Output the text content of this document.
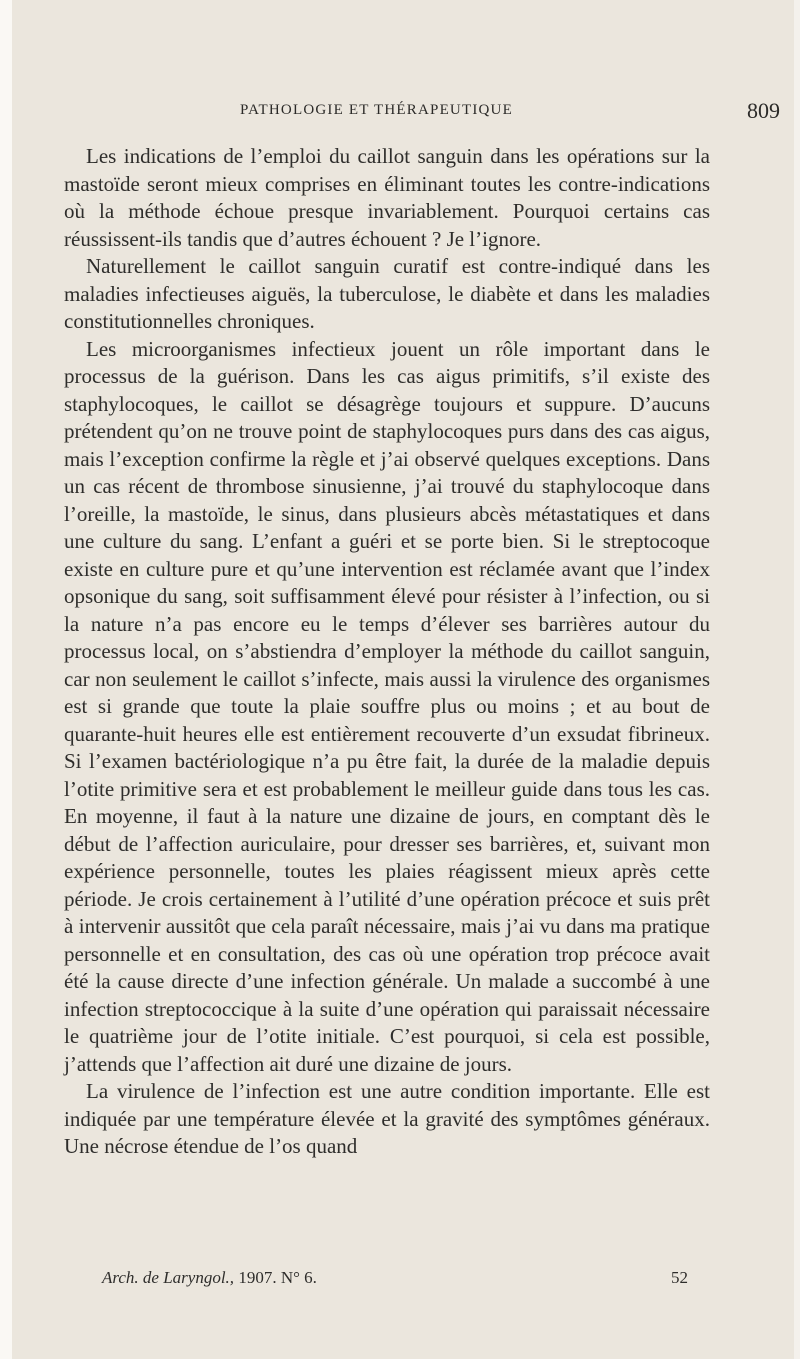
PATHOLOGIE ET THÉRAPEUTIQUE	809

Les indications de l’emploi du caillot sanguin dans les opérations sur la mastoïde seront mieux comprises en éliminant toutes les contre-indications où la méthode échoue presque invariablement. Pourquoi certains cas réussissent-ils tandis que d’autres échouent ? Je l’ignore.

Naturellement le caillot sanguin curatif est contre-indiqué dans les maladies infectieuses aiguës, la tuberculose, le diabète et dans les maladies constitutionnelles chroniques.

Les microorganismes infectieux jouent un rôle important dans le processus de la guérison. Dans les cas aigus primitifs, s’il existe des staphylocoques, le caillot se désagrège toujours et suppure. D’aucuns prétendent qu’on ne trouve point de staphylocoques purs dans des cas aigus, mais l’exception confirme la règle et j’ai observé quelques exceptions. Dans un cas récent de thrombose sinusienne, j’ai trouvé du staphylocoque dans l’oreille, la mastoïde, le sinus, dans plusieurs abcès métastatiques et dans une culture du sang. L’enfant a guéri et se porte bien. Si le streptocoque existe en culture pure et qu’une intervention est réclamée avant que l’index opsonique du sang, soit suffisamment élevé pour résister à l’infection, ou si la nature n’a pas encore eu le temps d’élever ses barrières autour du processus local, on s’abstiendra d’employer la méthode du caillot sanguin, car non seulement le caillot s’infecte, mais aussi la virulence des organismes est si grande que toute la plaie souffre plus ou moins ; et au bout de quarante-huit heures elle est entièrement recouverte d’un exsudat fibrineux. Si l’examen bactériologique n’a pu être fait, la durée de la maladie depuis l’otite primitive sera et est probablement le meilleur guide dans tous les cas. En moyenne, il faut à la nature une dizaine de jours, en comptant dès le début de l’affection auriculaire, pour dresser ses barrières, et, suivant mon expérience personnelle, toutes les plaies réagissent mieux après cette période. Je crois certainement à l’utilité d’une opération précoce et suis prêt à intervenir aussitôt que cela paraît nécessaire, mais j’ai vu dans ma pratique personnelle et en consultation, des cas où une opération trop précoce avait été la cause directe d’une infection générale. Un malade a succombé à une infection streptococcique à la suite d’une opération qui paraissait nécessaire le quatrième jour de l’otite initiale. C’est pourquoi, si cela est possible, j’attends que l’affection ait duré une dizaine de jours.

La virulence de l’infection est une autre condition importante. Elle est indiquée par une température élevée et la gravité des symptômes généraux. Une nécrose étendue de l’os quand

Arch. de Laryngol., 1907. N° 6.	52
